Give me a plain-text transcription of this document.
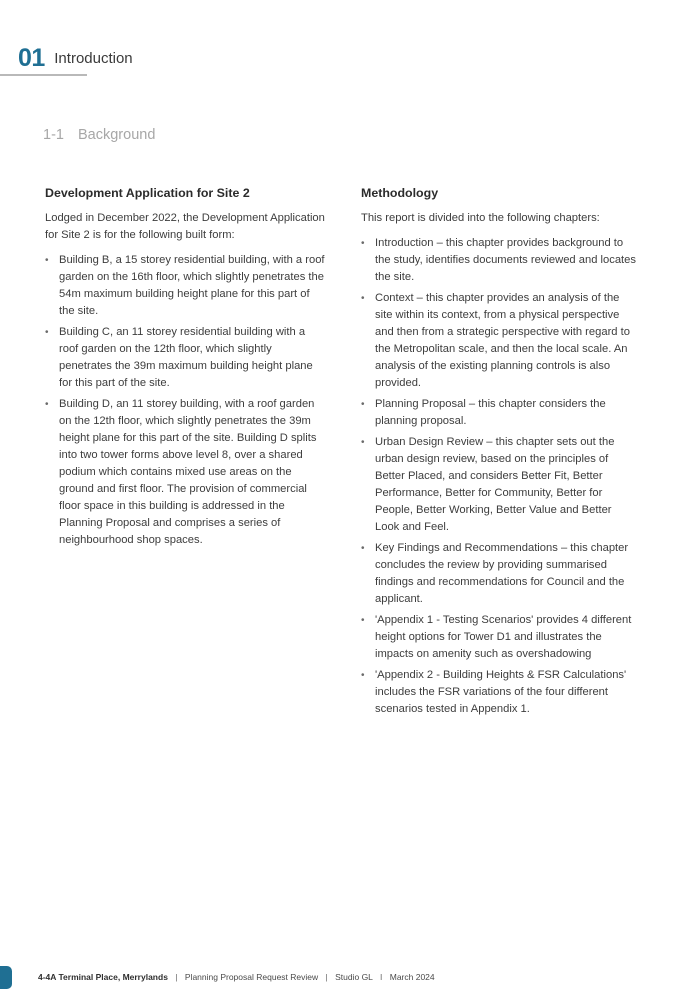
01 Introduction
1-1 Background
Development Application for Site 2

Lodged in December 2022, the Development Application for Site 2 is for the following built form:

• Building B, a 15 storey residential building, with a roof garden on the 16th floor, which slightly penetrates the 54m maximum building height plane for this part of the site.
• Building C, an 11 storey residential building with a roof garden on the 12th floor, which slightly penetrates the 39m maximum building height plane for this part of the site.
• Building D, an 11 storey building, with a roof garden on the 12th floor, which slightly penetrates the 39m height plane for this part of the site. Building D splits into two tower forms above level 8, over a shared podium which contains mixed use areas on the ground and first floor. The provision of commercial floor space in this building is addressed in the Planning Proposal and comprises a series of neighbourhood shop spaces.
Methodology

This report is divided into the following chapters:

• Introduction – this chapter provides background to the study, identifies documents reviewed and locates the site.
• Context – this chapter provides an analysis of the site within its context, from a physical perspective and then from a strategic perspective with regard to the Metropolitan scale, and then the local scale. An analysis of the existing planning controls is also provided.
• Planning Proposal – this chapter considers the planning proposal.
• Urban Design Review – this chapter sets out the urban design review, based on the principles of Better Placed, and considers Better Fit, Better Performance, Better for Community, Better for People, Better Working, Better Value and Better Look and Feel.
• Key Findings and Recommendations – this chapter concludes the review by providing summarised findings and recommendations for Council and the applicant.
• 'Appendix 1 - Testing Scenarios' provides 4 different height options for Tower D1 and illustrates the impacts on amenity such as overshadowing
• 'Appendix 2 - Building Heights & FSR Calculations' includes the FSR variations of the four different scenarios tested in Appendix 1.
4-4A Terminal Place, Merrylands | Planning Proposal Request Review | Studio GL I March 2024
